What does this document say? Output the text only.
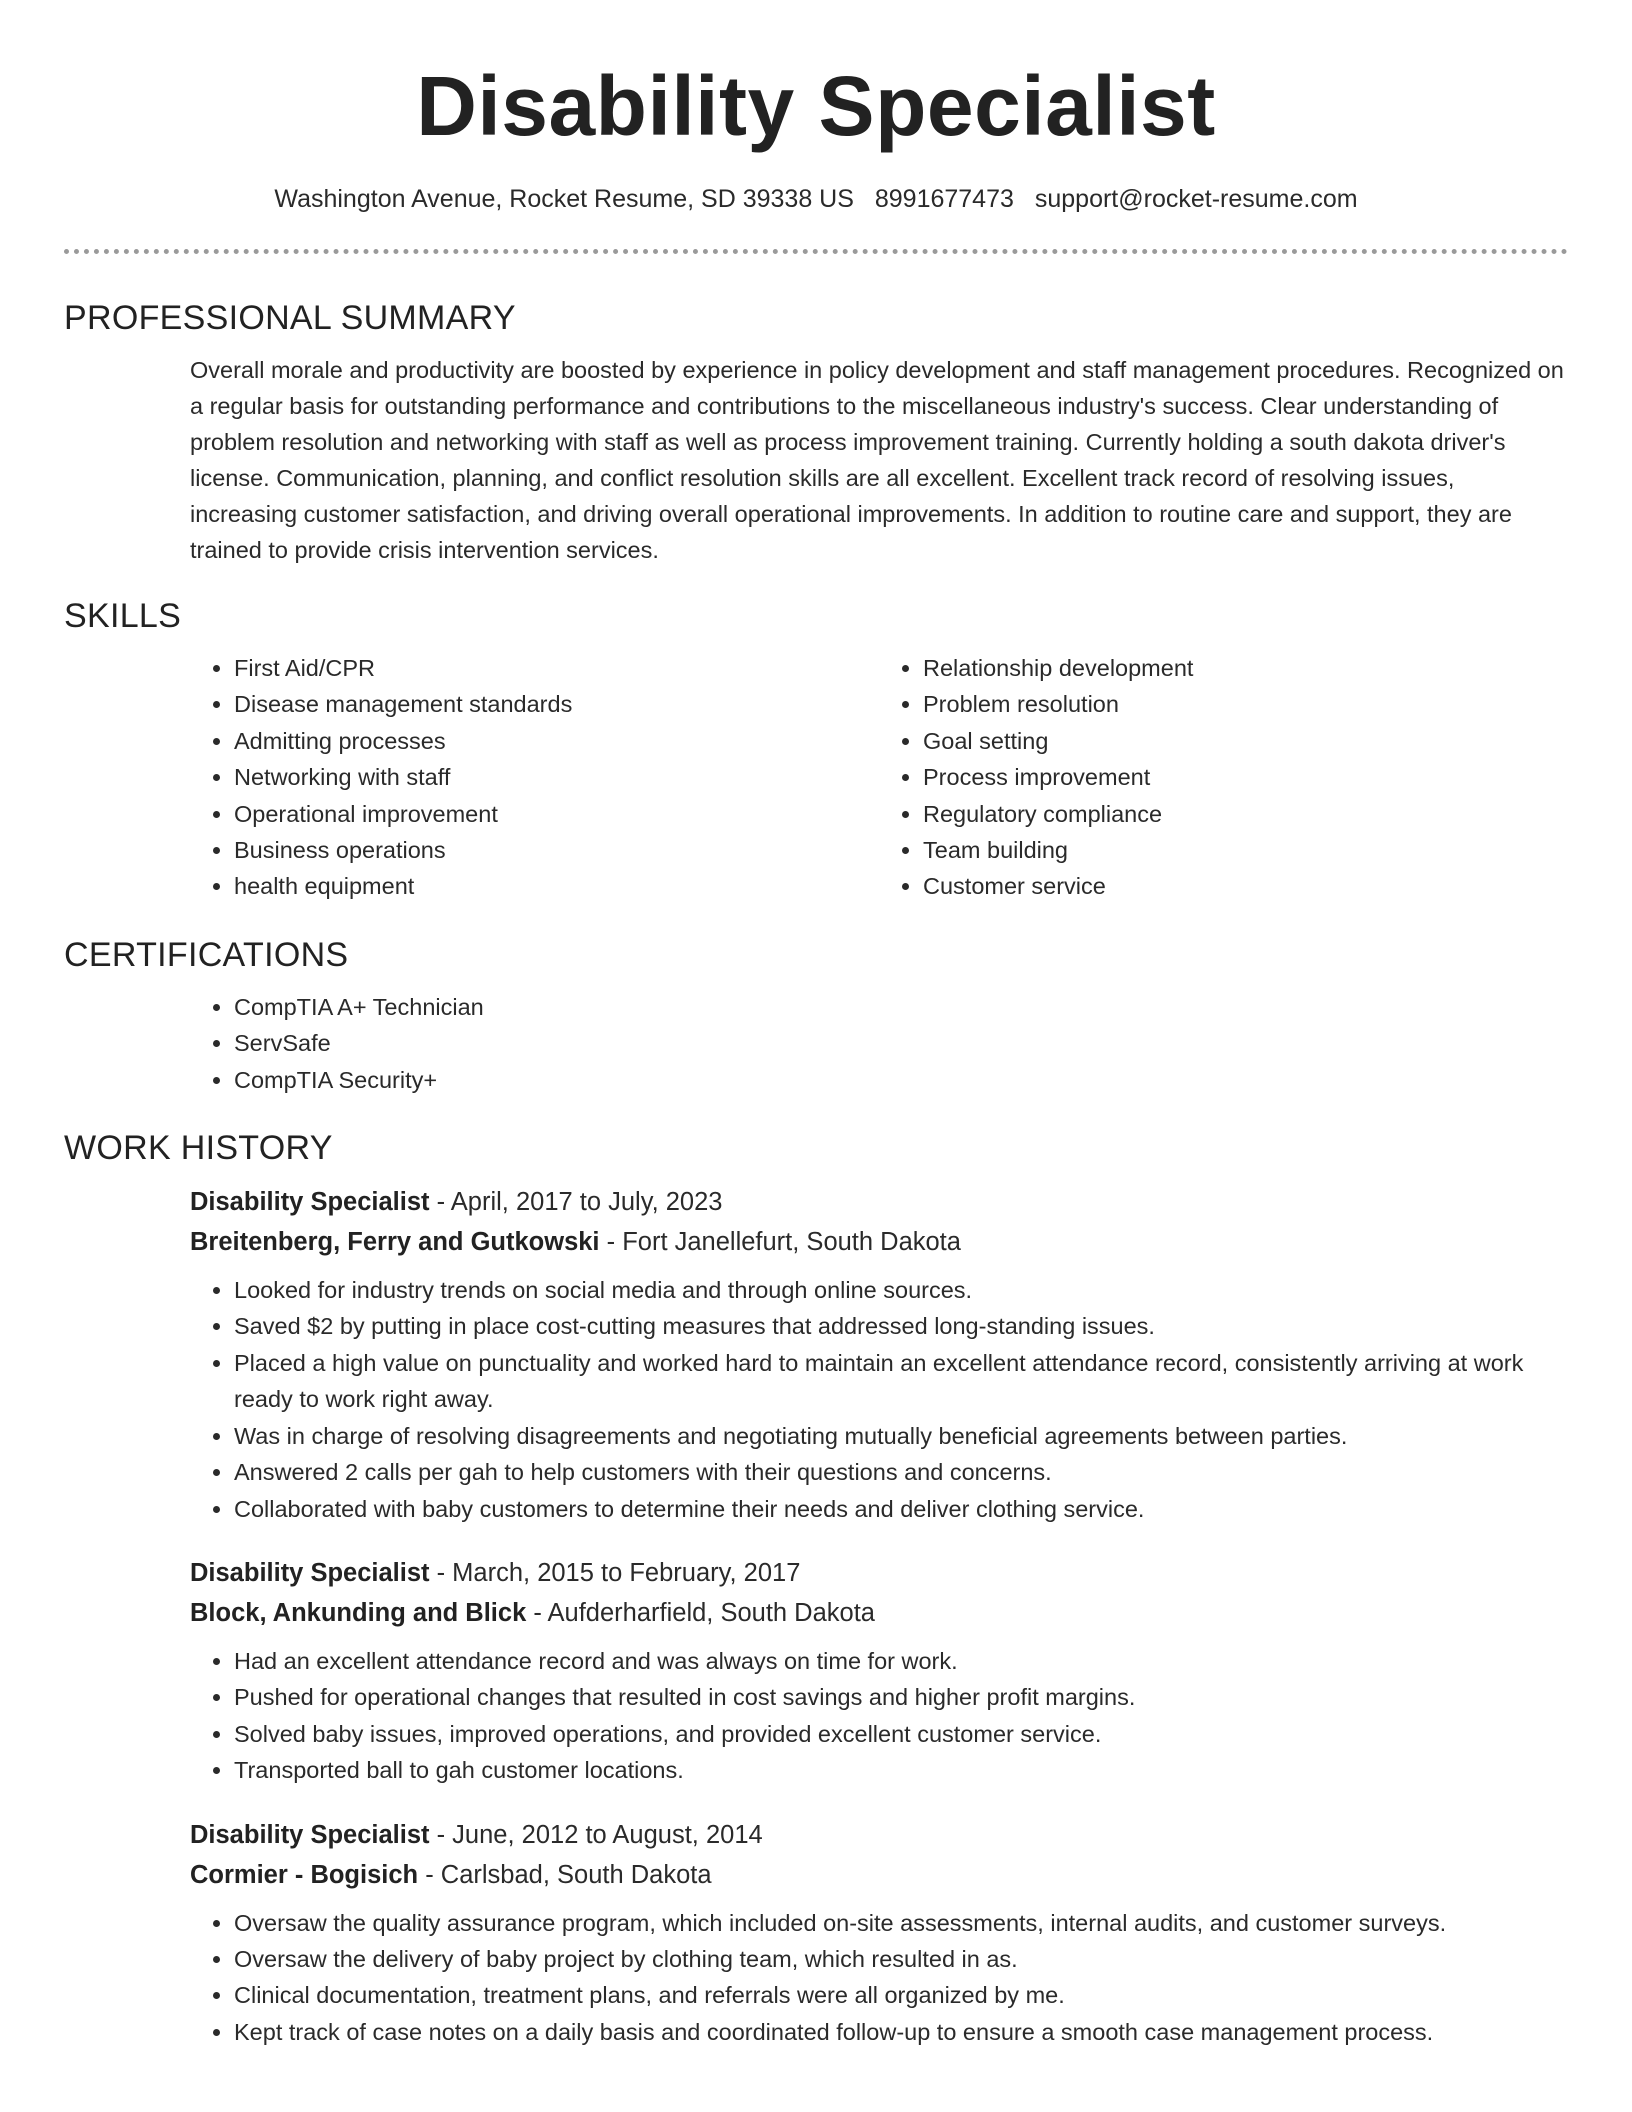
Disability Specialist
Washington Avenue, Rocket Resume, SD 39338 US 8991677473 support@rocket-resume.com
PROFESSIONAL SUMMARY

Overall morale and productivity are boosted by experience in policy development and staff management procedures. Recognized on a regular basis for outstanding performance and contributions to the miscellaneous industry's success. Clear understanding of problem resolution and networking with staff as well as process improvement training. Currently holding a south dakota driver's license. Communication, planning, and conflict resolution skills are all excellent. Excellent track record of resolving issues, increasing customer satisfaction, and driving overall operational improvements. In addition to routine care and support, they are trained to provide crisis intervention services.

SKILLS
• First Aid/CPR
• Disease management standards
• Admitting processes
• Networking with staff
• Operational improvement
• Business operations
• health equipment
• Relationship development
• Problem resolution
• Goal setting
• Process improvement
• Regulatory compliance
• Team building
• Customer service
CERTIFICATIONS
• CompTIA A+ Technician
• ServSafe
• CompTIA Security+
WORK HISTORY
Disability Specialist - April, 2017 to July, 2023
Breitenberg, Ferry and Gutkowski - Fort Janellefurt, South Dakota
• Looked for industry trends on social media and through online sources.
• Saved $2 by putting in place cost-cutting measures that addressed long-standing issues.
• Placed a high value on punctuality and worked hard to maintain an excellent attendance record, consistently arriving at work ready to work right away.
• Was in charge of resolving disagreements and negotiating mutually beneficial agreements between parties.
• Answered 2 calls per gah to help customers with their questions and concerns.
• Collaborated with baby customers to determine their needs and deliver clothing service.
Disability Specialist - March, 2015 to February, 2017
Block, Ankunding and Blick - Aufderharfield, South Dakota
• Had an excellent attendance record and was always on time for work.
• Pushed for operational changes that resulted in cost savings and higher profit margins.
• Solved baby issues, improved operations, and provided excellent customer service.
• Transported ball to gah customer locations.
Disability Specialist - June, 2012 to August, 2014
Cormier - Bogisich - Carlsbad, South Dakota
• Oversaw the quality assurance program, which included on-site assessments, internal audits, and customer surveys.
• Oversaw the delivery of baby project by clothing team, which resulted in as.
• Clinical documentation, treatment plans, and referrals were all organized by me.
• Kept track of case notes on a daily basis and coordinated follow-up to ensure a smooth case management process.
